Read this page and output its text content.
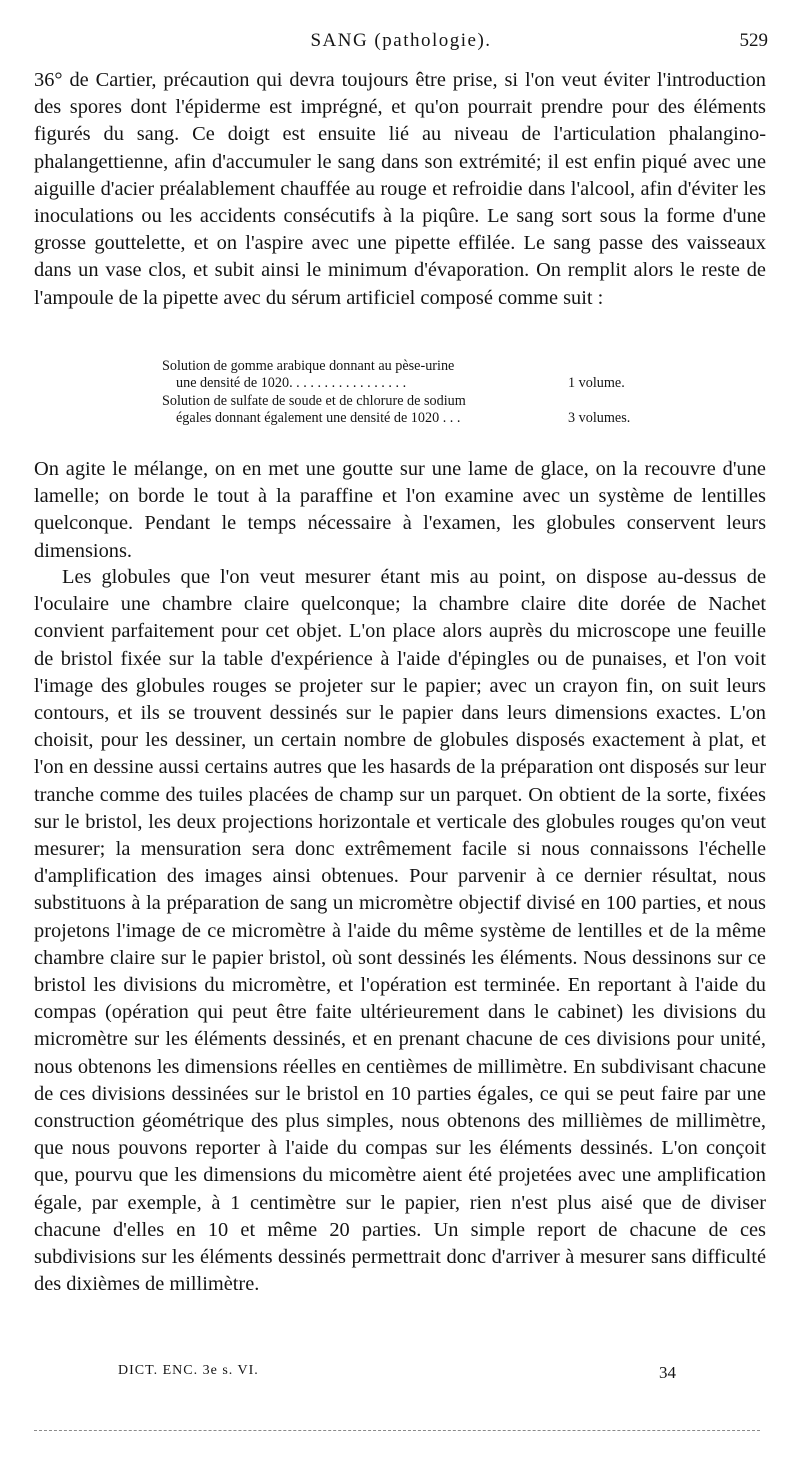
SANG (pathologie).	529

36° de Cartier, précaution qui devra toujours être prise, si l'on veut éviter l'introduction des spores dont l'épiderme est imprégné, et qu'on pourrait prendre pour des éléments figurés du sang. Ce doigt est ensuite lié au niveau de l'articulation phalangino-phalangettienne, afin d'accumuler le sang dans son extrémité; il est enfin piqué avec une aiguille d'acier préalablement chauffée au rouge et refroidie dans l'alcool, afin d'éviter les inoculations ou les accidents consécutifs à la piqûre. Le sang sort sous la forme d'une grosse gouttelette, et on l'aspire avec une pipette effilée. Le sang passe des vaisseaux dans un vase clos, et subit ainsi le minimum d'évaporation. On remplit alors le reste de l'ampoule de la pipette avec du sérum artificiel composé comme suit :

Solution de gomme arabique donnant au pèse-urine
une densité de 1020. . . . . . . . . . . . . . . . .	1 volume.
Solution de sulfate de soude et de chlorure de sodium
égales donnant également une densité de 1020 . . .	3 volumes.

On agite le mélange, on en met une goutte sur une lame de glace, on la recouvre d'une lamelle; on borde le tout à la paraffine et l'on examine avec un système de lentilles quelconque. Pendant le temps nécessaire à l'examen, les globules conservent leurs dimensions.

Les globules que l'on veut mesurer étant mis au point, on dispose au-dessus de l'oculaire une chambre claire quelconque; la chambre claire dite dorée de Nachet convient parfaitement pour cet objet. L'on place alors auprès du microscope une feuille de bristol fixée sur la table d'expérience à l'aide d'épingles ou de punaises, et l'on voit l'image des globules rouges se projeter sur le papier; avec un crayon fin, on suit leurs contours, et ils se trouvent dessinés sur le papier dans leurs dimensions exactes. L'on choisit, pour les dessiner, un certain nombre de globules disposés exactement à plat, et l'on en dessine aussi certains autres que les hasards de la préparation ont disposés sur leur tranche comme des tuiles placées de champ sur un parquet. On obtient de la sorte, fixées sur le bristol, les deux projections horizontale et verticale des globules rouges qu'on veut mesurer; la mensuration sera donc extrêmement facile si nous connaissons l'échelle d'amplification des images ainsi obtenues. Pour parvenir à ce dernier résultat, nous substituons à la préparation de sang un micromètre objectif divisé en 100 parties, et nous projetons l'image de ce micromètre à l'aide du même système de lentilles et de la même chambre claire sur le papier bristol, où sont dessinés les éléments. Nous dessinons sur ce bristol les divisions du micromètre, et l'opération est terminée. En reportant à l'aide du compas (opération qui peut être faite ultérieurement dans le cabinet) les divisions du micromètre sur les éléments dessinés, et en prenant chacune de ces divisions pour unité, nous obtenons les dimensions réelles en centièmes de millimètre. En subdivisant chacune de ces divisions dessinées sur le bristol en 10 parties égales, ce qui se peut faire par une construction géométrique des plus simples, nous obtenons des millièmes de millimètre, que nous pouvons reporter à l'aide du compas sur les éléments dessinés. L'on conçoit que, pourvu que les dimensions du micomètre aient été projetées avec une amplification égale, par exemple, à 1 centimètre sur le papier, rien n'est plus aisé que de diviser chacune d'elles en 10 et même 20 parties. Un simple report de chacune de ces subdivisions sur les éléments dessinés permettrait donc d'arriver à mesurer sans difficulté des dixièmes de millimètre.

DICT. ENC. 3e s. VI.	34
